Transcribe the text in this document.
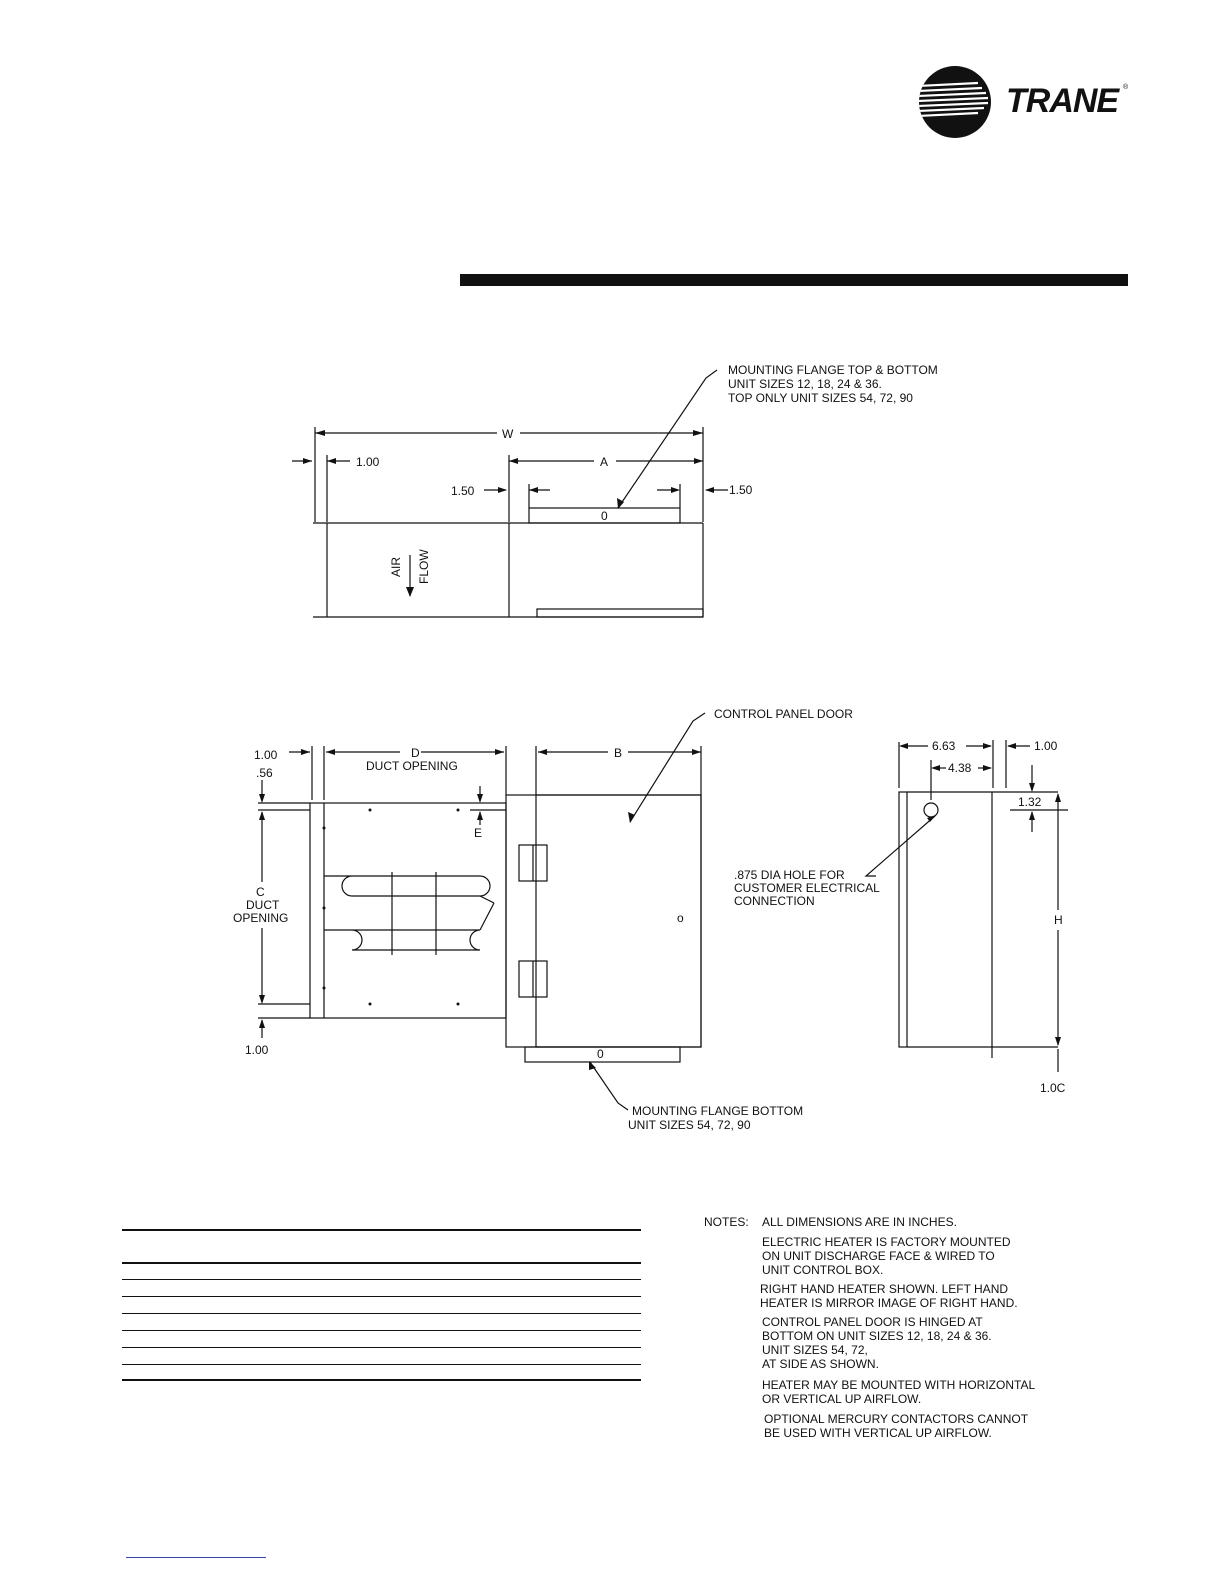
TRANE ®
MOUNTING FLANGE TOP & BOTTOM
UNIT SIZES 12, 18, 24 & 36.
TOP ONLY UNIT SIZES 54, 72, 90
W
A
1.00
1.50	1.50
0
AIR FLOW
CONTROL PANEL DOOR
1.00	D
DUCT OPENING
B
.56
E
C
DUCT
OPENING
1.00
o
0
MOUNTING FLANGE BOTTOM
UNIT SIZES 54, 72, 90
6.63
4.38
1.00
1.32
.875 DIA HOLE FOR
CUSTOMER ELECTRICAL
CONNECTION
H
1.0C
NOTES: ALL DIMENSIONS ARE IN INCHES.
ELECTRIC HEATER IS FACTORY MOUNTED
ON UNIT DISCHARGE FACE & WIRED TO
UNIT CONTROL BOX.
RIGHT HAND HEATER SHOWN. LEFT HAND
HEATER IS MIRROR IMAGE OF RIGHT HAND.
CONTROL PANEL DOOR IS HINGED AT
BOTTOM ON UNIT SIZES 12, 18, 24 & 36.
UNIT SIZES 54, 72,
AT SIDE AS SHOWN.
HEATER MAY BE MOUNTED WITH HORIZONTAL
OR VERTICAL UP AIRFLOW.
OPTIONAL MERCURY CONTACTORS CANNOT
BE USED WITH VERTICAL UP AIRFLOW.
